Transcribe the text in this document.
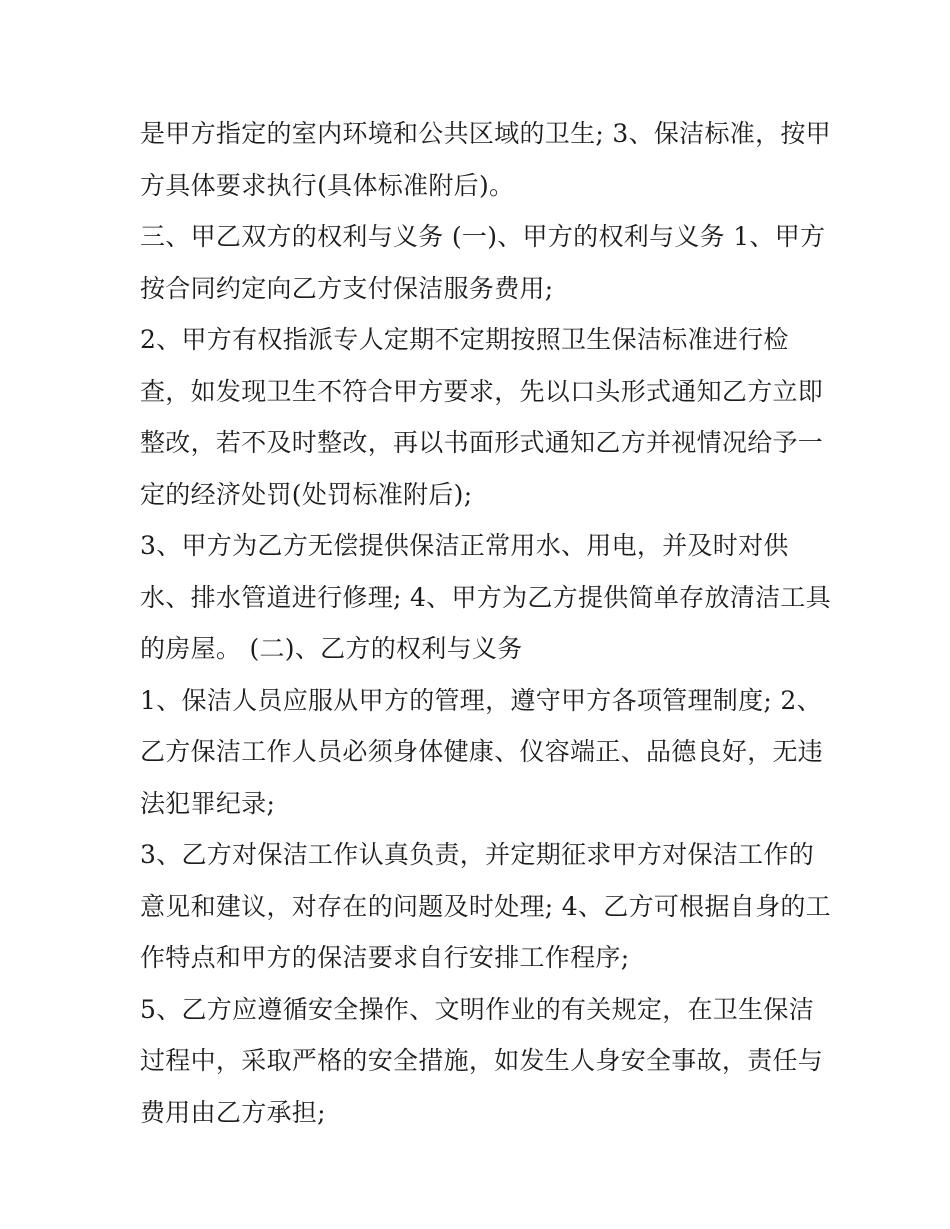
是甲方指定的室内环境和公共区域的卫生; 3、保洁标准，按甲
方具体要求执行(具体标准附后)。
三、甲乙双方的权利与义务 (一)、甲方的权利与义务 1、甲方
按合同约定向乙方支付保洁服务费用;
2、甲方有权指派专人定期不定期按照卫生保洁标准进行检
查，如发现卫生不符合甲方要求，先以口头形式通知乙方立即
整改，若不及时整改，再以书面形式通知乙方并视情况给予一
定的经济处罚(处罚标准附后);
3、甲方为乙方无偿提供保洁正常用水、用电，并及时对供
水、排水管道进行修理; 4、甲方为乙方提供简单存放清洁工具
的房屋。 (二)、乙方的权利与义务
1、保洁人员应服从甲方的管理，遵守甲方各项管理制度; 2、
乙方保洁工作人员必须身体健康、仪容端正、品德良好，无违
法犯罪纪录;
3、乙方对保洁工作认真负责，并定期征求甲方对保洁工作的
意见和建议，对存在的问题及时处理; 4、乙方可根据自身的工
作特点和甲方的保洁要求自行安排工作程序;
5、乙方应遵循安全操作、文明作业的有关规定，在卫生保洁
过程中，采取严格的安全措施，如发生人身安全事故，责任与
费用由乙方承担;
